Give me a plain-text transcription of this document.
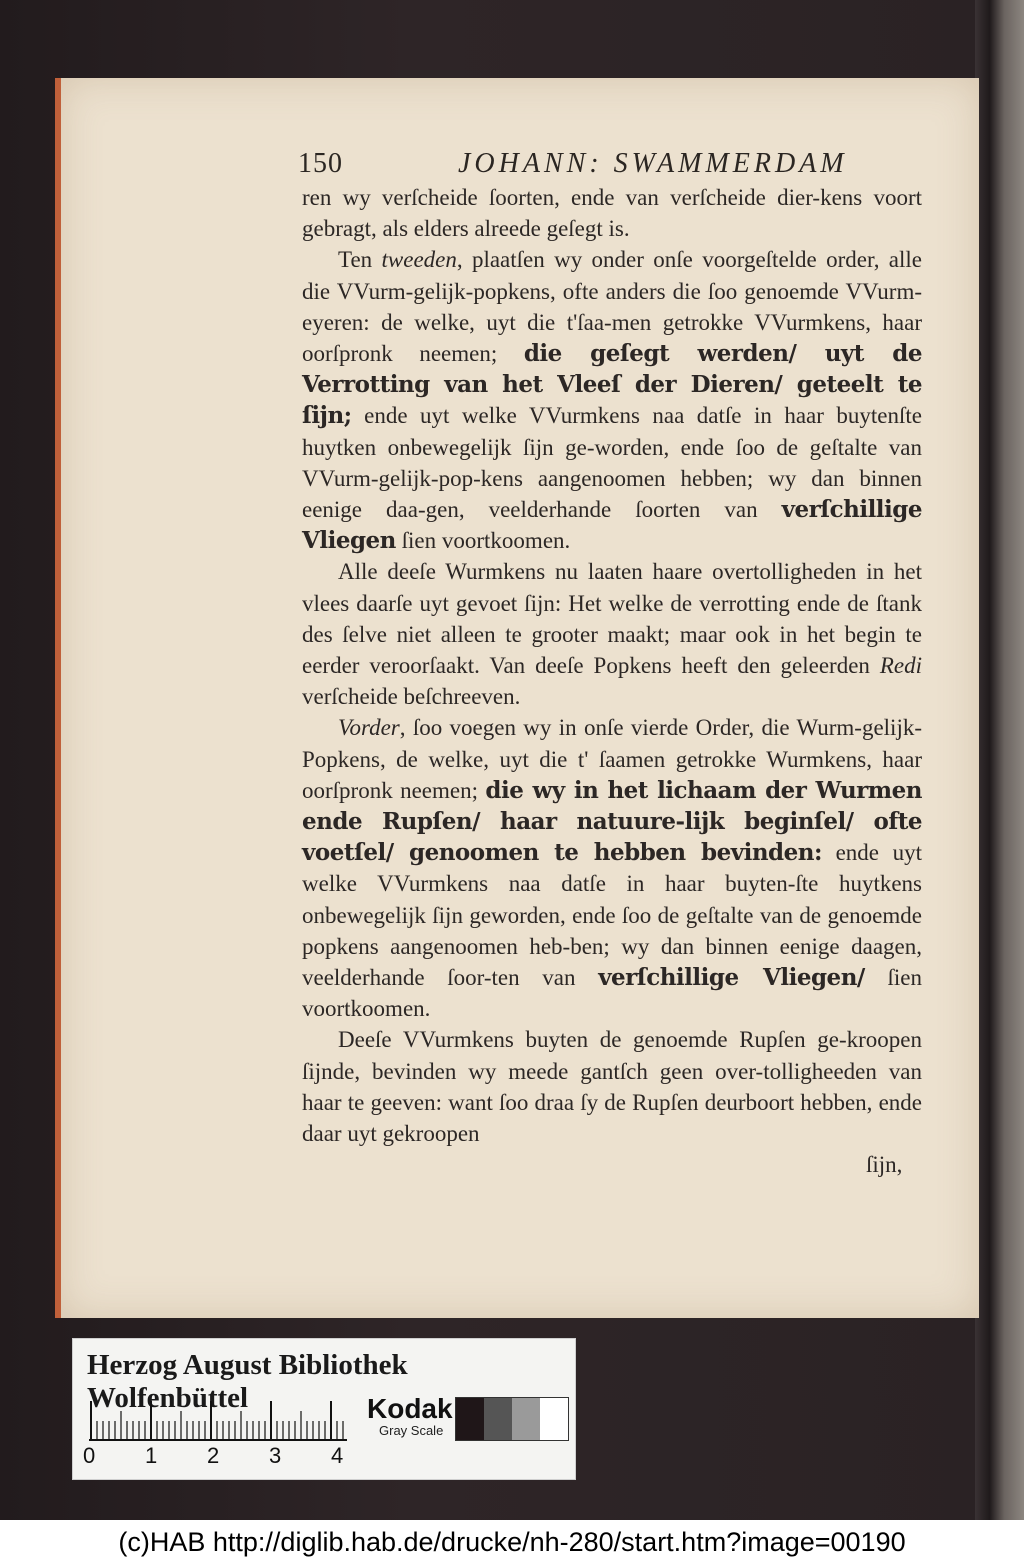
150	JOHANN: SWAMMERDAM

ren wy verſcheide ſoorten, ende van verſcheide dier-kens voort gebragt, als elders alreede geſegt is.

Ten tweeden, plaatſen wy onder onſe voorgeſtelde order, alle die VVurm-gelijk-popkens, ofte anders die ſoo genoemde VVurm-eyeren: de welke, uyt die t'ſaa-men getrokke VVurmkens, haar oorſpronk neemen; die geſegt werden/ uyt de Verrotting van het Vleeſ der Dieren/ geteelt te ſijn; ende uyt welke VVurmkens naa datſe in haar buytenſte huytken onbewegelijk ſijn ge-worden, ende ſoo de geſtalte van VVurm-gelijk-pop-kens aangenoomen hebben; wy dan binnen eenige daa-gen, veelderhande ſoorten van verſchillige Vliegen ſien voortkoomen.

Alle deeſe Wurmkens nu laaten haare overtolligheden in het vlees daarſe uyt gevoet ſijn: Het welke de verrotting ende de ſtank des ſelve niet alleen te grooter maakt; maar ook in het begin te eerder veroorſaakt. Van deeſe Popkens heeft den geleerden Redi verſcheide beſchreeven.

Vorder, ſoo voegen wy in onſe vierde Order, die Wurm-gelijk-Popkens, de welke, uyt die t' ſaamen getrokke Wurmkens, haar oorſpronk neemen; die wy in het lichaam der Wurmen ende Rupſen/ haar natuure-lijk beginſel/ ofte voetſel/ genoomen te hebben bevinden: ende uyt welke VVurmkens naa datſe in haar buyten-ſte huytkens onbewegelijk ſijn geworden, ende ſoo de geſtalte van de genoemde popkens aangenoomen heb-ben; wy dan binnen eenige daagen, veelderhande ſoor-ten van verſchillige Vliegen/ ſien voortkoomen.

Deeſe VVurmkens buyten de genoemde Rupſen ge-kroopen ſijnde, bevinden wy meede gantſch geen over-tolligheeden van haar te geeven: want ſoo draa ſy de Rupſen deurboort hebben, ende daar uyt gekroopen

ſijn,
Herzog August Bibliothek Wolfenbüttel
0 1 2 3 4
Kodak
Gray Scale
(c)HAB http://diglib.hab.de/drucke/nh-280/start.htm?image=00190
